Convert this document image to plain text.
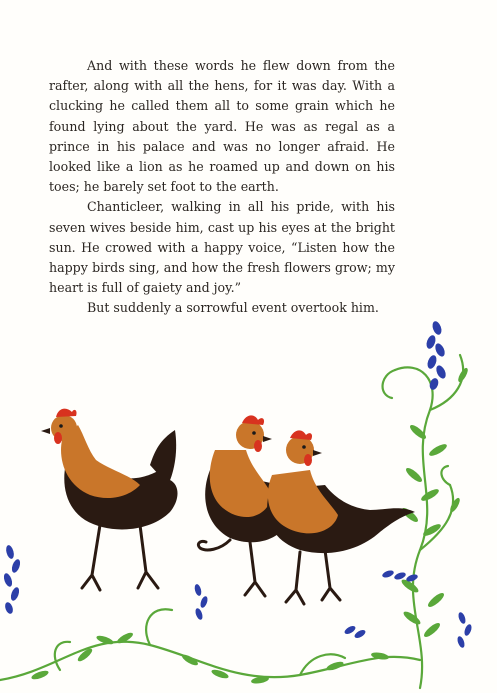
And with these words he flew down from the rafter, along with all the hens, for it was day. With a clucking he called them all to some grain which he found lying about the yard. He was as regal as a prince in his palace and was no longer afraid. He looked like a lion as he roamed up and down on his toes; he barely set foot to the earth.

Chanticleer, walking in all his pride, with his seven wives beside him, cast up his eyes at the bright sun. He crowed with a happy voice, “Listen how the happy birds sing, and how the fresh flowers grow; my heart is full of gaiety and joy.”

But suddenly a sorrowful event overtook him.
